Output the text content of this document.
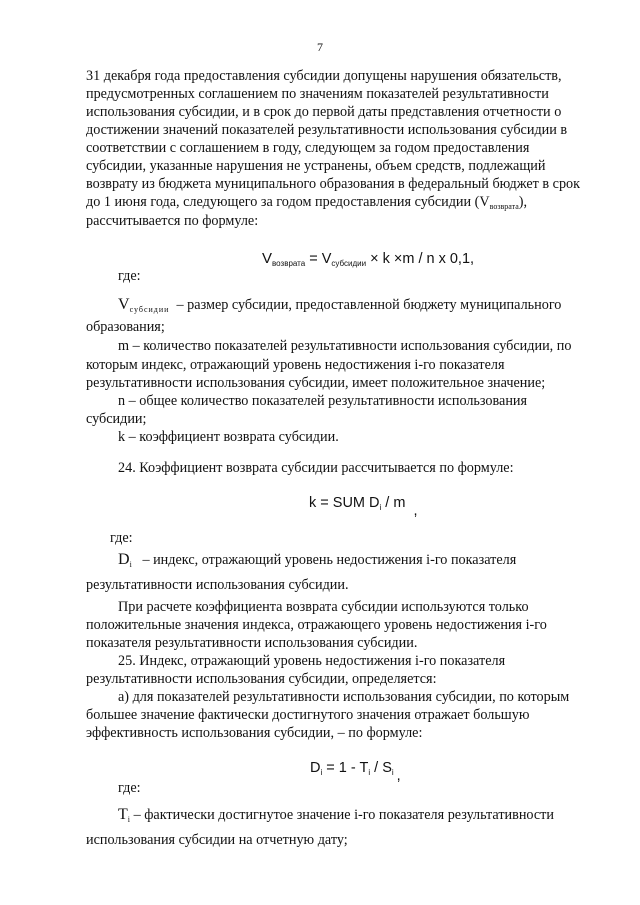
7
31 декабря года предоставления субсидии допущены нарушения обязательств,
предусмотренных соглашением по значениям показателей результативности
использования субсидии, и в срок до первой даты представления отчетности о
достижении значений показателей результативности использования субсидии в
соответствии с соглашением в году, следующем за годом предоставления
субсидии, указанные нарушения не устранены, объем средств, подлежащий
возврату из бюджета муниципального образования в федеральный бюджет в срок
до 1 июня года, следующего за годом предоставления субсидии $(V_{возврата})$,
рассчитывается по формуле:
$V_{возврата} = V_{субсидии} \times k \times m / n$ x 0,1,
где:
$V_{субсидии}$ – размер субсидии, предоставленной бюджету муниципального
образования;
m – количество показателей результативности использования субсидии, по
которым индекс, отражающий уровень недостижения i-го показателя
результативности использования субсидии, имеет положительное значение;
n – общее количество показателей результативности использования
субсидии;
k – коэффициент возврата субсидии.
24. Коэффициент возврата субсидии рассчитывается по формуле:
k = SUM $D_i$ / m ,
где:
$D_i$ – индекс, отражающий уровень недостижения i-го показателя
результативности использования субсидии.
При расчете коэффициента возврата субсидии используются только
положительные значения индекса, отражающего уровень недостижения i-го
показателя результативности использования субсидии.
25. Индекс, отражающий уровень недостижения i-го показателя
результативности использования субсидии, определяется:
а) для показателей результативности использования субсидии, по которым
большее значение фактически достигнутого значения отражает большую
эффективность использования субсидии, – по формуле:
$D_i = 1 - T_i / S_i$ ,
где:
$T_i$ – фактически достигнутое значение i-го показателя результативности
использования субсидии на отчетную дату;
